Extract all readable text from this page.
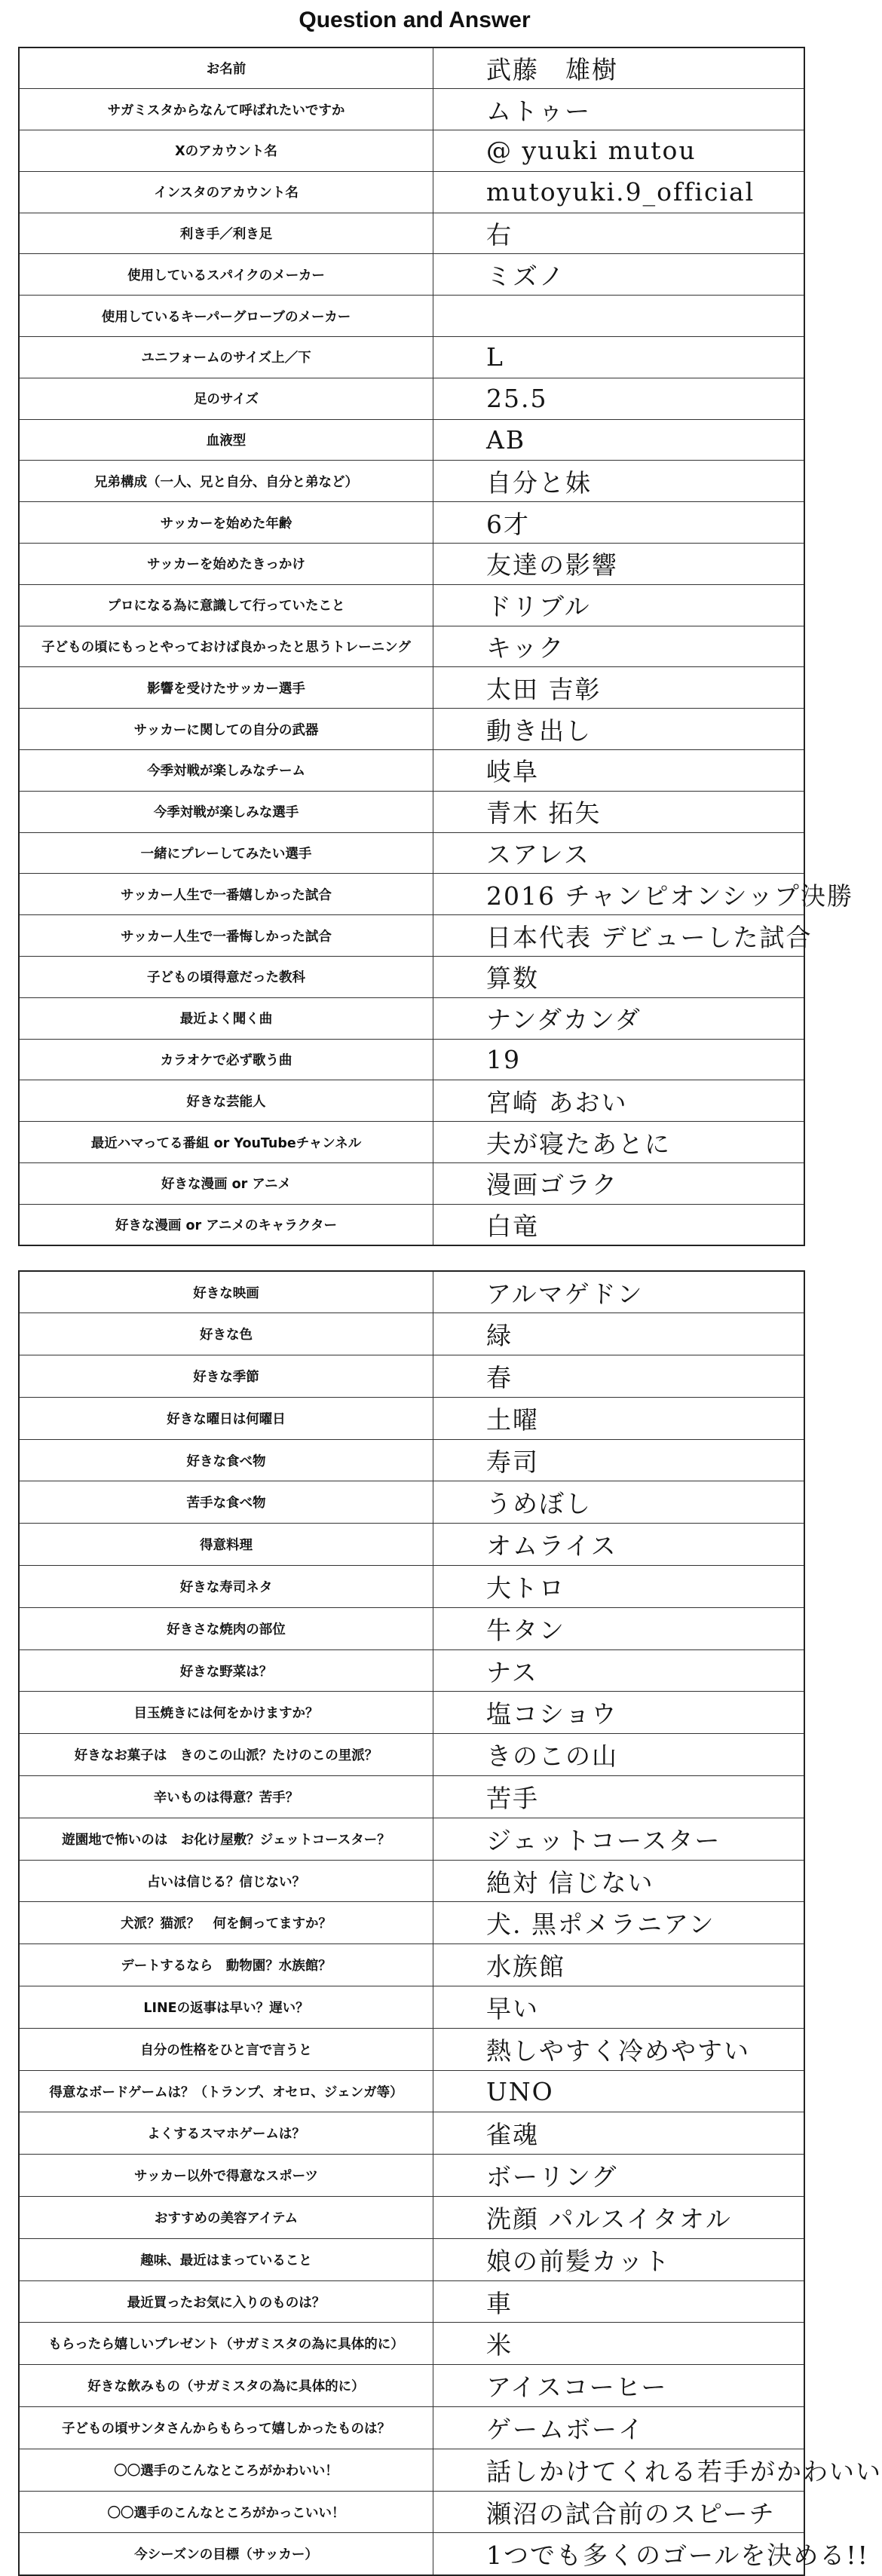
Question and Answer
お名前	武藤　雄樹
サガミスタからなんて呼ばれたいですか	ムトゥー
Xのアカウント名	@ yuuki mutou
インスタのアカウント名	mutoyuki.9_official
利き手／利き足	右
使用しているスパイクのメーカー	ミズノ
使用しているキーパーグローブのメーカー	
ユニフォームのサイズ上／下	L
足のサイズ	25.5
血液型	AB
兄弟構成（一人、兄と自分、自分と弟など）	自分と妹
サッカーを始めた年齢	6才
サッカーを始めたきっかけ	友達の影響
プロになる為に意識して行っていたこと	ドリブル
子どもの頃にもっとやっておけば良かったと思うトレーニング	キック
影響を受けたサッカー選手	太田 吉彰
サッカーに関しての自分の武器	動き出し
今季対戦が楽しみなチーム	岐阜
今季対戦が楽しみな選手	青木 拓矢
一緒にプレーしてみたい選手	スアレス
サッカー人生で一番嬉しかった試合	2016 チャンピオンシップ決勝
サッカー人生で一番悔しかった試合	日本代表 デビューした試合
子どもの頃得意だった教科	算数
最近よく聞く曲	ナンダカンダ
カラオケで必ず歌う曲	19
好きな芸能人	宮崎 あおい
最近ハマってる番組 or YouTubeチャンネル	夫が寝たあとに
好きな漫画 or アニメ	漫画ゴラク
好きな漫画 or アニメのキャラクター	白竜
好きな映画	アルマゲドン
好きな色	緑
好きな季節	春
好きな曜日は何曜日	土曜
好きな食べ物	寿司
苦手な食べ物	うめぼし
得意料理	オムライス
好きな寿司ネタ	大トロ
好きさな焼肉の部位	牛タン
好きな野菜は？	ナス
目玉焼きには何をかけますか？	塩コショウ
好きなお菓子は　きのこの山派？たけのこの里派？	きのこの山
辛いものは得意？苦手？	苦手
遊園地で怖いのは　お化け屋敷？ジェットコースター？	ジェットコースター
占いは信じる？信じない？	絶対 信じない
犬派？猫派？　何を飼ってますか？	犬. 黒ポメラニアン
デートするなら　動物園？水族館？	水族館
LINEの返事は早い？遅い？	早い
自分の性格をひと言で言うと	熱しやすく冷めやすい
得意なボードゲームは？（トランプ、オセロ、ジェンガ等）	UNO
よくするスマホゲームは？	雀魂
サッカー以外で得意なスポーツ	ボーリング
おすすめの美容アイテム	洗顔 パルスイタオル
趣味、最近はまっていること	娘の前髪カット
最近買ったお気に入りのものは？	車
もらったら嬉しいプレゼント（サガミスタの為に具体的に）	米
好きな飲みもの（サガミスタの為に具体的に）	アイスコーヒー
子どもの頃サンタさんからもらって嬉しかったものは？	ゲームボーイ
〇〇選手のこんなところがかわいい！	話しかけてくれる若手がかわいい
〇〇選手のこんなところがかっこいい！	瀬沼の試合前のスピーチ
今シーズンの目標（サッカー）	1つでも多くのゴールを決める!!
